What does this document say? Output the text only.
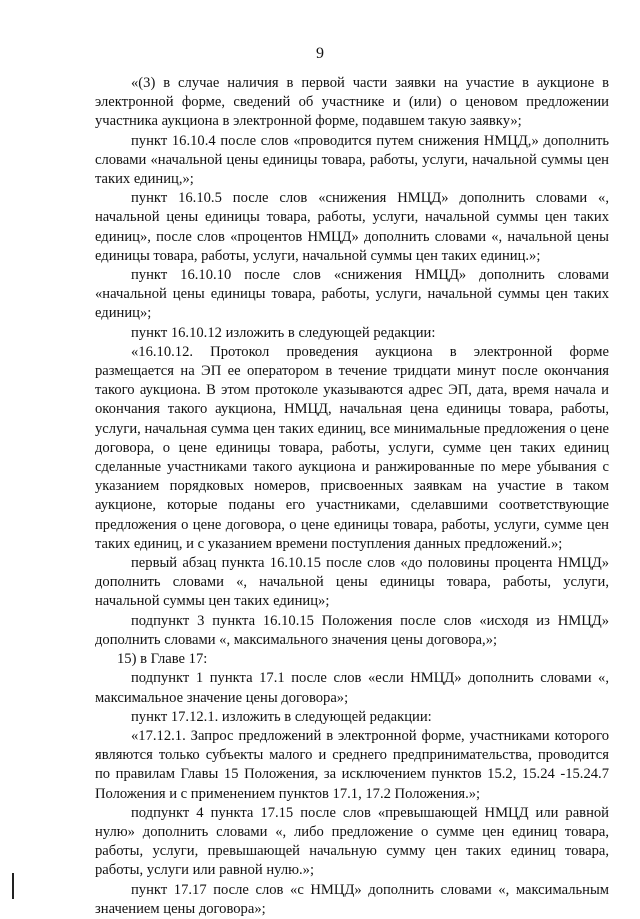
9

«(3) в случае наличия в первой части заявки на участие в аукционе в электронной форме, сведений об участнике и (или) о ценовом предложении участника аукциона в электронной форме, подавшем такую заявку»;

пункт 16.10.4 после слов «проводится путем снижения НМЦД,» дополнить словами «начальной цены единицы товара, работы, услуги, начальной суммы цен таких единиц,»;

пункт 16.10.5 после слов «снижения НМЦД» дополнить словами «, начальной цены единицы товара, работы, услуги, начальной суммы цен таких единиц», после слов «процентов НМЦД» дополнить словами «, начальной цены единицы товара, работы, услуги, начальной суммы цен таких единиц.»;

пункт 16.10.10 после слов «снижения НМЦД» дополнить словами «начальной цены единицы товара, работы, услуги, начальной суммы цен таких единиц»;

пункт 16.10.12 изложить в следующей редакции:

«16.10.12. Протокол проведения аукциона в электронной форме размещается на ЭП ее оператором в течение тридцати минут после окончания такого аукциона. В этом протоколе указываются адрес ЭП, дата, время начала и окончания такого аукциона, НМЦД, начальная цена единицы товара, работы, услуги, начальная сумма цен таких единиц, все минимальные предложения о цене договора, о цене единицы товара, работы, услуги, сумме цен таких единиц сделанные участниками такого аукциона и ранжированные по мере убывания с указанием порядковых номеров, присвоенных заявкам на участие в таком аукционе, которые поданы его участниками, сделавшими соответствующие предложения о цене договора, о цене единицы товара, работы, услуги, сумме цен таких единиц, и с указанием времени поступления данных предложений.»;

первый абзац пункта 16.10.15 после слов «до половины процента НМЦД» дополнить словами «, начальной цены единицы товара, работы, услуги, начальной суммы цен таких единиц»;

подпункт 3 пункта 16.10.15 Положения после слов «исходя из НМЦД» дополнить словами «, максимального значения цены договора,»;

15) в Главе 17:

подпункт 1 пункта 17.1 после слов «если НМЦД» дополнить словами «, максимальное значение цены договора»;

пункт 17.12.1. изложить в следующей редакции:

«17.12.1. Запрос предложений в электронной форме, участниками которого являются только субъекты малого и среднего предпринимательства, проводится по правилам Главы 15 Положения, за исключением пунктов 15.2, 15.24 -15.24.7 Положения и с применением пунктов 17.1, 17.2 Положения.»;

подпункт 4 пункта 17.15 после слов «превышающей НМЦД или равной нулю» дополнить словами «, либо предложение о сумме цен единиц товара, работы, услуги, превышающей начальную сумму цен таких единиц товара, работы, услуги или равной нулю.»;

пункт 17.17 после слов «с НМЦД» дополнить словами «, максимальным значением цены договора»;
